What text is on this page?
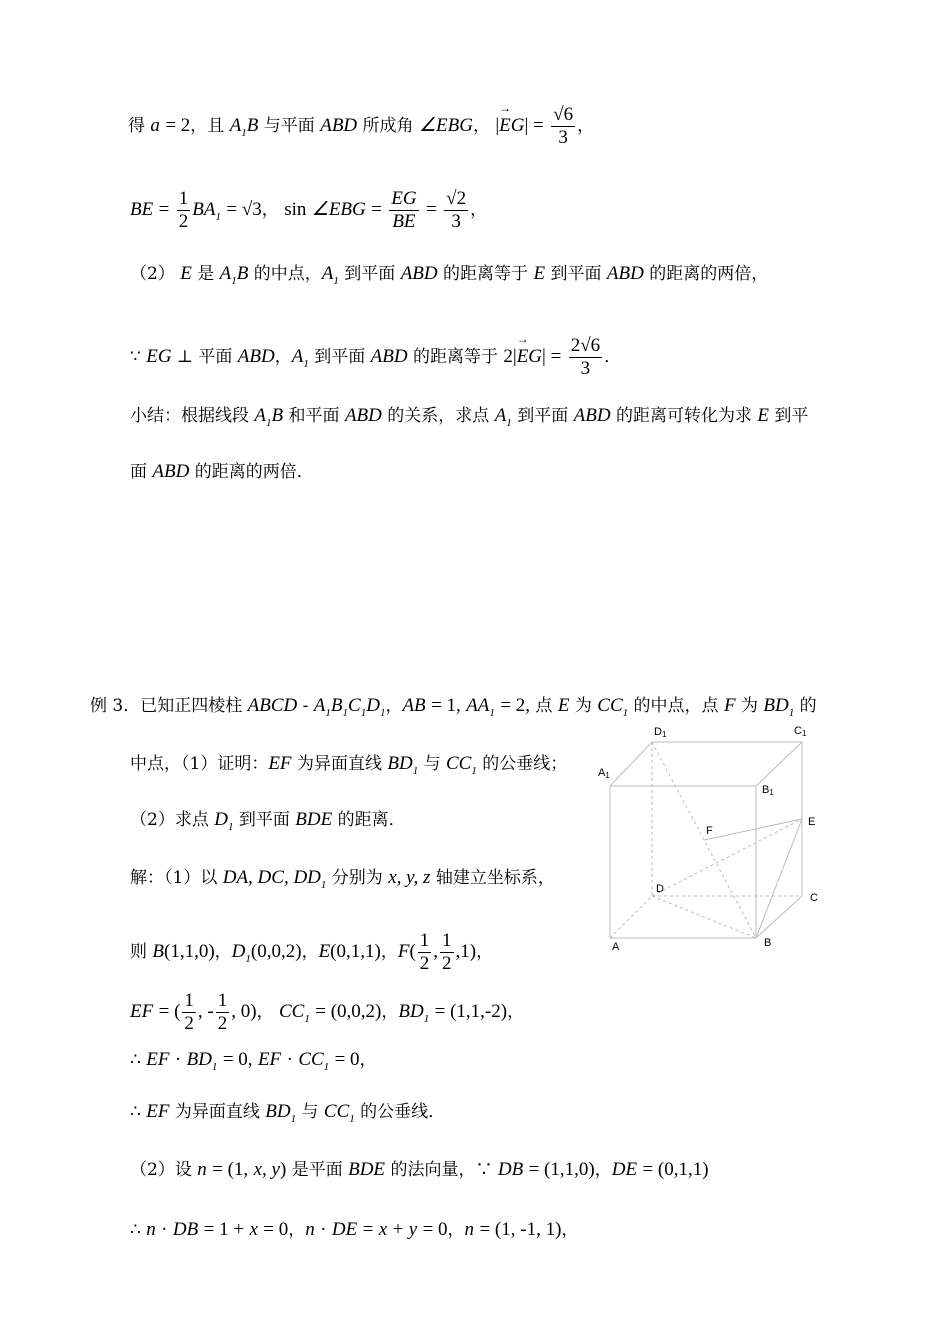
得 a = 2，且 $A_1B$ 与平面 ABD 所成角 ∠EBG， |→ $EG| = \frac{√6}{3}$ ，
BE = $\frac{1}{2} BA_1 = √3$， sin ∠EBG = $\frac{EG}{BE} = \frac{√2}{3}$ ，
（2） E 是 $A_1B$ 的中点，$A_1$ 到平面 ABD 的距离等于 E 到平面 ABD 的距离的两倍，
∵ EG ⊥ 平面 ABD，$A_1$ 到平面 ABD 的距离等于 $2|\to EG| = \frac{2√6}{3}$ ．
小结：根据线段 $A_1B$ 和平面 ABD 的关系，求点 $A_1$ 到平面 ABD 的距离可转化为求 E 到平
面 ABD 的距离的两倍．
例 3．已知正四棱柱 ABCD - $A_1B_1C_1D_1$，AB = 1, $AA_1 = 2$, 点 E 为 $CC_1$ 的中点，点 F 为 $BD_1$ 的
中点，（1）证明：EF 为异面直线 $BD_1$ 与 $CC_1$ 的公垂线；
（2）求点 $D_1$ 到平面 BDE 的距离．
解：（1）以 DA, DC, $DD_1$ 分别为 x, y, z 轴建立坐标系，
则 B(1,1,0)，$D_1(0,0,2)$，E(0,1,1)，$F( \frac{1}{2}$ , $\frac{1}{2} ,1$)，
EF = ( $\frac{1}{2}$ , - $\frac{1}{2}$ , 0)， $CC_1 = (0,0,2)$，$BD_1 = (1,1,-2)$，
∴ EF · $BD_1 = 0$, EF · $CC_1 = 0$，
∴ EF 为异面直线 $BD_1$ 与 $CC_1$ 的公垂线．
（2）设 n = (1, x, y) 是平面 BDE 的法向量，∵ DB = (1,1,0)，DE = (0,1,1)
∴ n · DB = 1 + x = 0，n · DE = x + y = 0，n = (1, -1, 1)，
D1	C1
A1
B1
F
E
D
C
A	B
